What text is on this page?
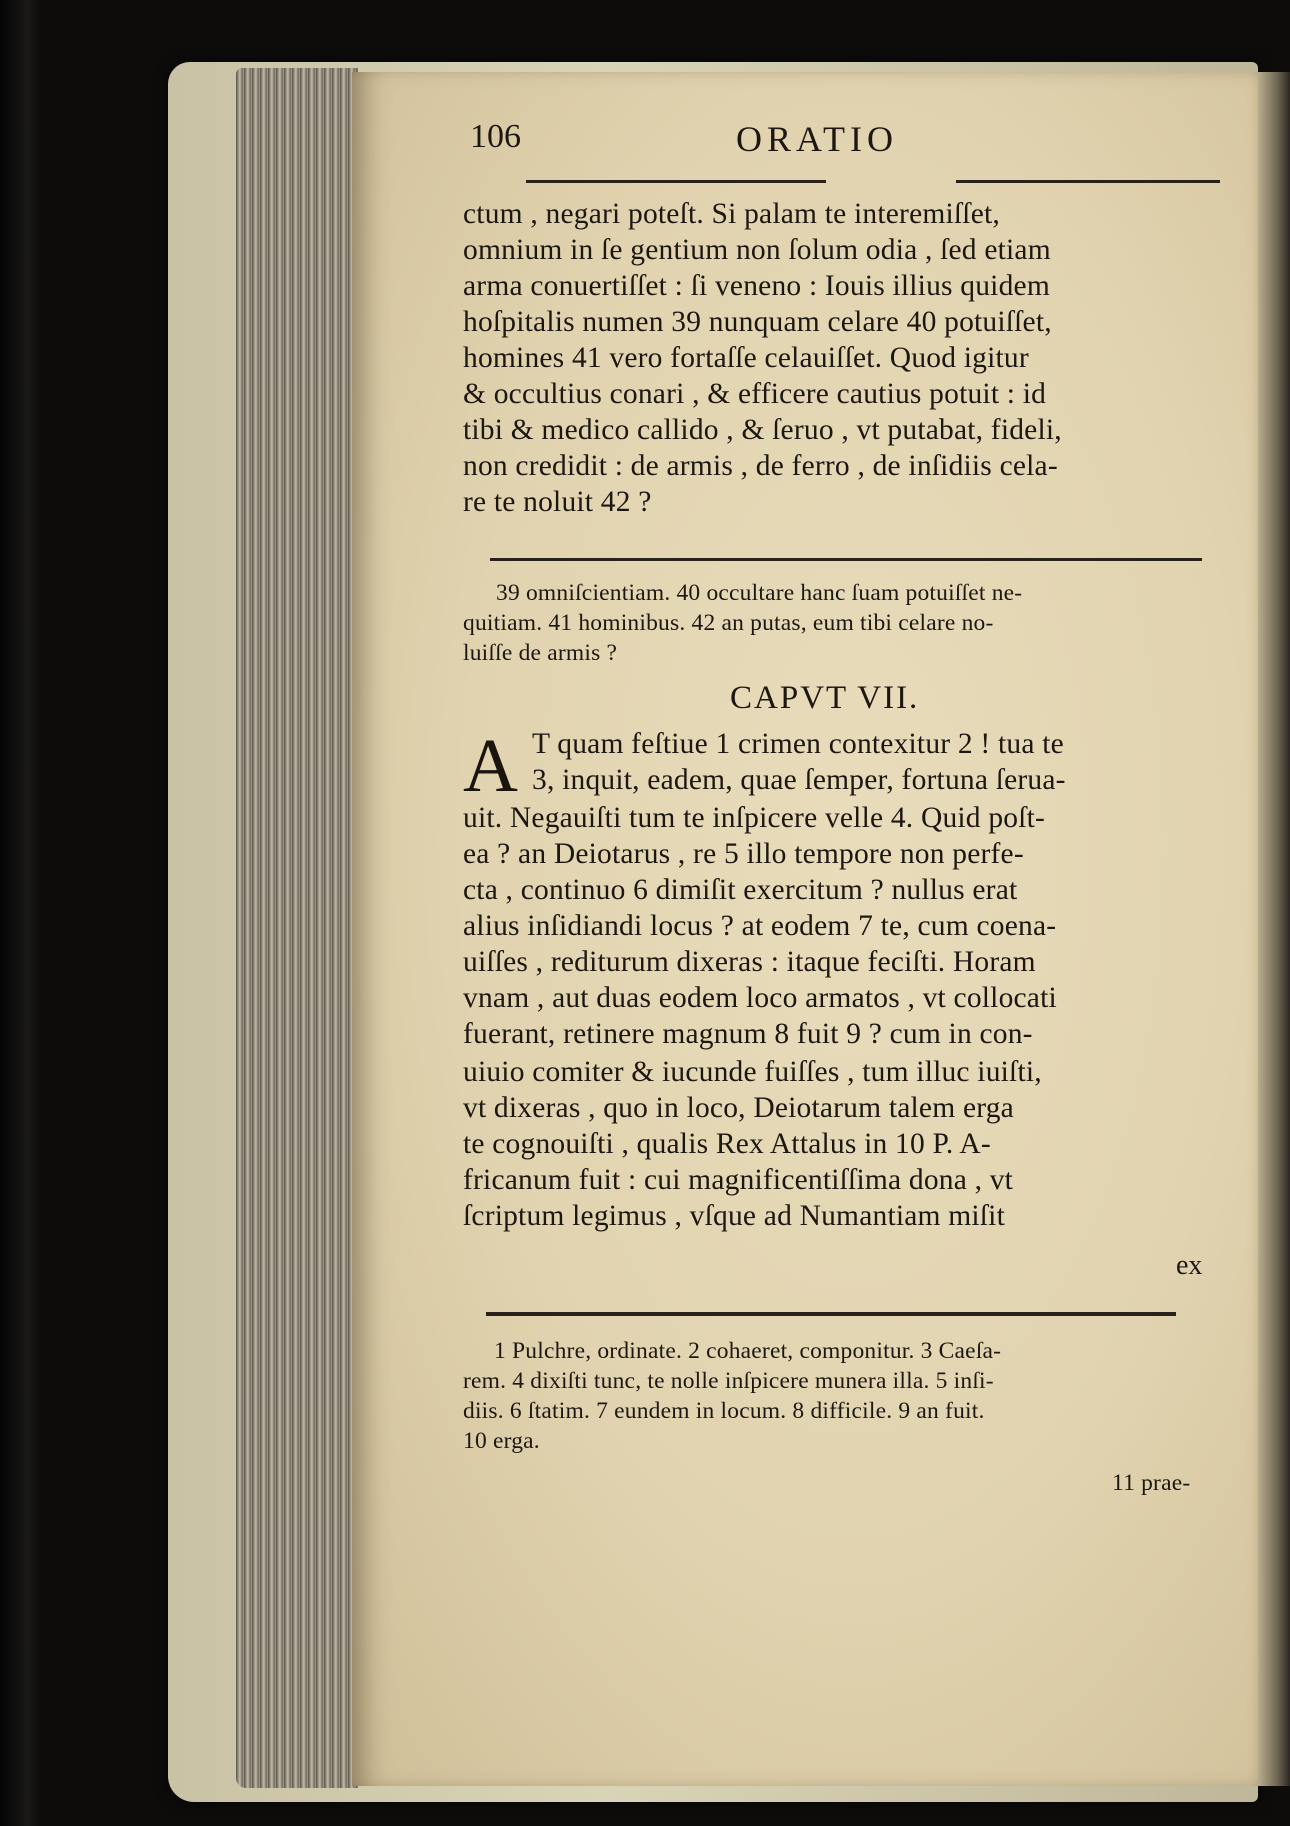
106	ORATIO
ctum , negari poteſt. Si palam te interemiſſet,
omnium in ſe gentium non ſolum odia , ſed etiam
arma conuertiſſet : ſi veneno : Iouis illius quidem
hoſpitalis numen 39 nunquam celare 40 potuiſſet,
homines 41 vero fortaſſe celauiſſet. Quod igitur
& occultius conari , & efficere cautius potuit : id
tibi & medico callido , & ſeruo , vt putabat, fideli,
non credidit : de armis , de ferro , de inſidiis cela-
re te noluit 42 ?
39 omniſcientiam. 40 occultare hanc ſuam potuiſſet ne-
quitiam. 41 hominibus. 42 an putas, eum tibi celare no-
luiſſe de armis ?
CAPVT VII.
A T quam feſtiue 1 crimen contexitur 2 ! tua te
3, inquit, eadem, quae ſemper, fortuna ſerua-
uit. Negauiſti tum te inſpicere velle 4. Quid poſt-
ea ? an Deiotarus , re 5 illo tempore non perfe-
cta , continuo 6 dimiſit exercitum ? nullus erat
alius inſidiandi locus ? at eodem 7 te, cum coena-
uiſſes , rediturum dixeras : itaque feciſti. Horam
vnam , aut duas eodem loco armatos , vt collocati
fuerant, retinere magnum 8 fuit 9 ? cum in con-
uiuio comiter & iucunde fuiſſes , tum illuc iuiſti,
vt dixeras , quo in loco, Deiotarum talem erga
te cognouiſti , qualis Rex Attalus in 10 P. A-
fricanum fuit : cui magnificentiſſima dona , vt
ſcriptum legimus , vſque ad Numantiam miſit
ex
1 Pulchre, ordinate. 2 cohaeret, componitur. 3 Caeſa-
rem. 4 dixiſti tunc, te nolle inſpicere munera illa. 5 inſi-
diis. 6 ſtatim. 7 eundem in locum. 8 difficile. 9 an fuit.
10 erga.
11 prae-
